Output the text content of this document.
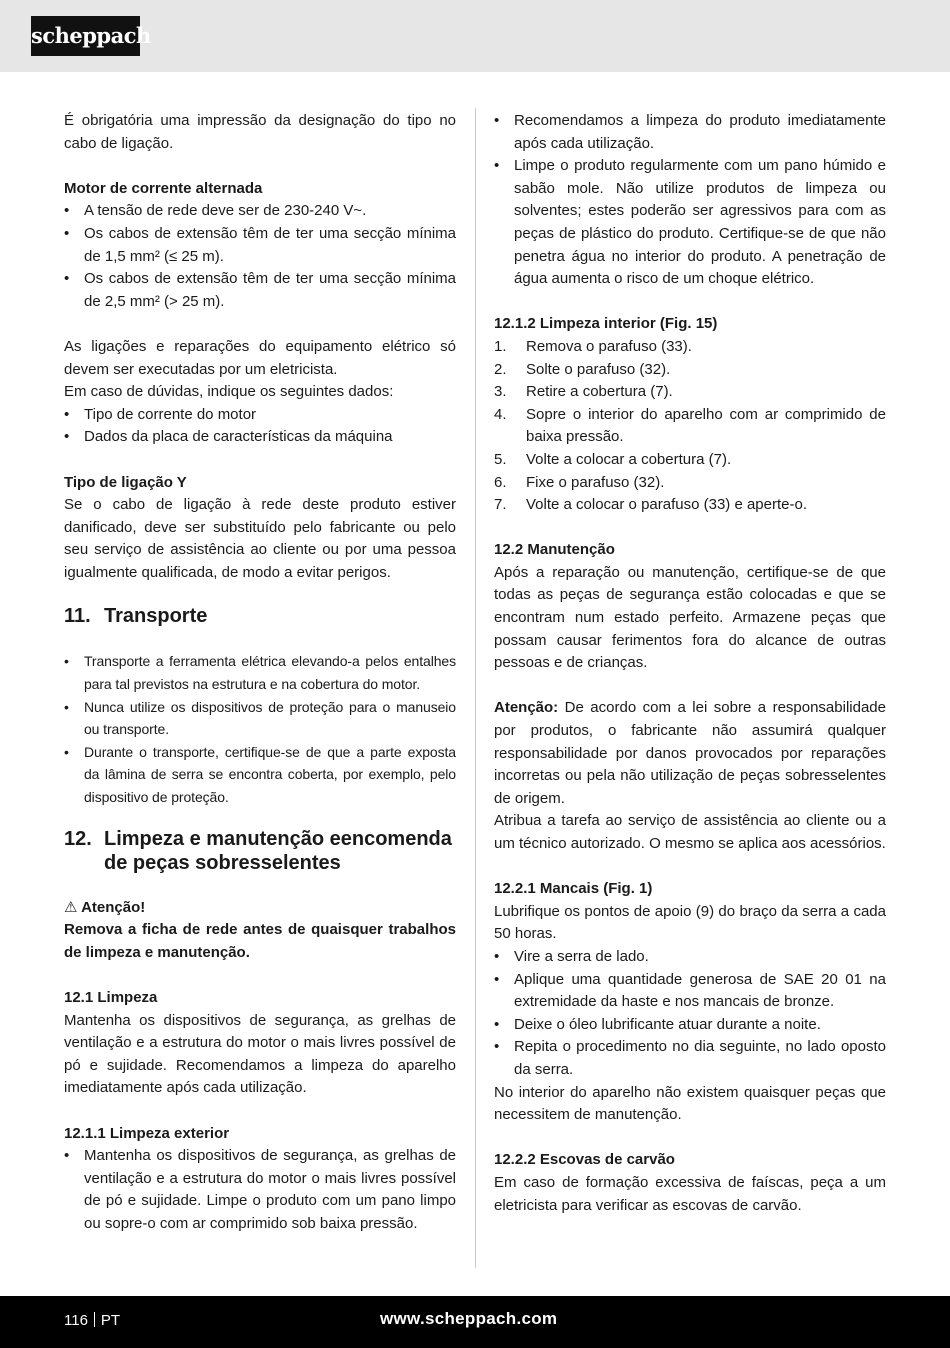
scheppach
É obrigatória uma impressão da designação do tipo no cabo de ligação.
Motor de corrente alternada
• A tensão de rede deve ser de 230-240 V~.
• Os cabos de extensão têm de ter uma secção mínima de 1,5 mm² (≤ 25 m).
• Os cabos de extensão têm de ter uma secção mínima de 2,5 mm² (> 25 m).
As ligações e reparações do equipamento elétrico só devem ser executadas por um eletricista.
Em caso de dúvidas, indique os seguintes dados:
• Tipo de corrente do motor
• Dados da placa de características da máquina
Tipo de ligação Y
Se o cabo de ligação à rede deste produto estiver danificado, deve ser substituído pelo fabricante ou pelo seu serviço de assistência ao cliente ou por uma pessoa igualmente qualificada, de modo a evitar perigos.
11. Transporte
• Transporte a ferramenta elétrica elevando-a pelos entalhes para tal previstos na estrutura e na cobertura do motor.
• Nunca utilize os dispositivos de proteção para o manuseio ou transporte.
• Durante o transporte, certifique-se de que a parte exposta da lâmina de serra se encontra coberta, por exemplo, pelo dispositivo de proteção.
12. Limpeza e manutenção eencomenda de peças sobresselentes
⚠ Atenção!
Remova a ficha de rede antes de quaisquer trabalhos de limpeza e manutenção.
12.1 Limpeza
Mantenha os dispositivos de segurança, as grelhas de ventilação e a estrutura do motor o mais livres possível de pó e sujidade. Recomendamos a limpeza do aparelho imediatamente após cada utilização.
12.1.1 Limpeza exterior
• Mantenha os dispositivos de segurança, as grelhas de ventilação e a estrutura do motor o mais livres possível de pó e sujidade. Limpe o produto com um pano limpo ou sopre-o com ar comprimido sob baixa pressão.
• Recomendamos a limpeza do produto imediatamente após cada utilização.
• Limpe o produto regularmente com um pano húmido e sabão mole. Não utilize produtos de limpeza ou solventes; estes poderão ser agressivos para com as peças de plástico do produto. Certifique-se de que não penetra água no interior do produto. A penetração de água aumenta o risco de um choque elétrico.
12.1.2 Limpeza interior (Fig. 15)
1. Remova o parafuso (33).
2. Solte o parafuso (32).
3. Retire a cobertura (7).
4. Sopre o interior do aparelho com ar comprimido de baixa pressão.
5. Volte a colocar a cobertura (7).
6. Fixe o parafuso (32).
7. Volte a colocar o parafuso (33) e aperte-o.
12.2 Manutenção
Após a reparação ou manutenção, certifique-se de que todas as peças de segurança estão colocadas e que se encontram num estado perfeito. Armazene peças que possam causar ferimentos fora do alcance de outras pessoas e de crianças.
Atenção: De acordo com a lei sobre a responsabilidade por produtos, o fabricante não assumirá qualquer responsabilidade por danos provocados por reparações incorretas ou pela não utilização de peças sobresselentes de origem.
Atribua a tarefa ao serviço de assistência ao cliente ou a um técnico autorizado. O mesmo se aplica aos acessórios.
12.2.1 Mancais (Fig. 1)
Lubrifique os pontos de apoio (9) do braço da serra a cada 50 horas.
• Vire a serra de lado.
• Aplique uma quantidade generosa de SAE 20 01 na extremidade da haste e nos mancais de bronze.
• Deixe o óleo lubrificante atuar durante a noite.
• Repita o procedimento no dia seguinte, no lado oposto da serra.
No interior do aparelho não existem quaisquer peças que necessitem de manutenção.
12.2.2 Escovas de carvão
Em caso de formação excessiva de faíscas, peça a um eletricista para verificar as escovas de carvão.
116 PT	www.scheppach.com
